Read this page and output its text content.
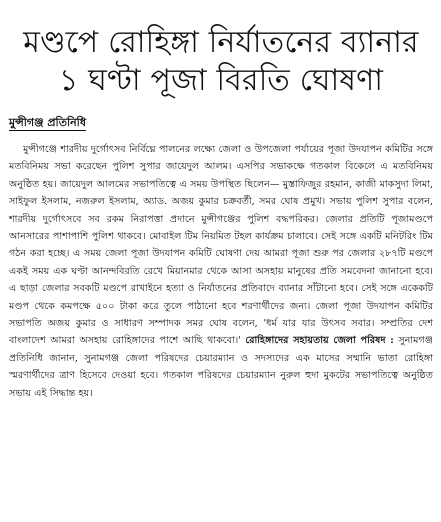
মণ্ডপে রোহিঙ্গা নির্যাতনের ব্যানার
১ ঘণ্টা পূজা বিরতি ঘোষণা
মুন্সীগঞ্জ প্রতিনিধি

মুন্সীগঞ্জে শারদীয় দুর্গোৎসব নির্বিঘ্নে পালনের লক্ষ্যে জেলা ও উপজেলা পর্যায়ের পূজা উদযাপন কমিটির সঙ্গে মতবিনিময় সভা করেছেন পুলিশ সুপার জায়েদুল আলম। এসপির সভাকক্ষে গতকাল বিকেলে এ মতবিনিময় অনুষ্ঠিত হয়। জায়েদুল আলমের সভাপতিত্বে এ সময় উপস্থিত ছিলেন— মুস্তাফিজুর রহমান, কাজী মাকসুদা লিমা, সাইফুল ইসলাম, নজরুল ইসলাম, অ্যাড. অজয় কুমার চক্রবর্তী, সমর ঘোষ প্রমুখ। সভায় পুলিশ সুপার বলেন, শারদীয় দুর্গোৎসবে সব রকম নিরাপত্তা প্রদানে মুন্সীগঞ্জের পুলিশ বদ্ধপরিকর। জেলার প্রতিটি পূজামণ্ডপে আনসারের পাশাপাশি পুলিশ থাকবে। মোবাইল টিম নিয়মিত টহল কার্যক্রম চালাবে। সেই সঙ্গে একটি মনিটরিং টিম গঠন করা হচ্ছে। এ সময় জেলা পূজা উদযাপন কমিটি ঘোষণা দেয় আমরা পূজা শুরু পর জেলার ২৮৭টি মণ্ডপে একই সময় এক ঘণ্টা আনন্দবিরতি রেখে মিয়ানমার থেকে আসা অসহায় মানুষের প্রতি সমবেদনা জানানো হবে। এ ছাড়া জেলার সবকটি মণ্ডপে রাখাইনে হত্যা ও নির্যাতনের প্রতিবাদে ব্যানার সাঁটানো হবে। সেই সঙ্গে একেকটি মণ্ডপ থেকে কমপক্ষে ৫০০ টাকা করে তুলে পাঠানো হবে শরণার্থীদের জন্য। জেলা পূজা উদযাপন কমিটির সভাপতি অজয় কুমার ও সাধারণ সম্পাদক সমর ঘোষ বলেন, 'ধর্ম যার যার উৎসব সবার। সম্প্রতির দেশ বাংলাদেশ আমরা অসহায় রোহিঙ্গাদের পাশে আছি থাকবো।' রোহিঙ্গাদের সহায়তায় জেলা পরিষদ : সুনামগঞ্জ প্রতিনিধি জানান, সুনামগঞ্জ জেলা পরিষদের চেয়ারম্যান ও সদস্যদের এক মাসের সম্মানি ভাতা রোহিঙ্গা স্মরণার্থীদের ত্রাণ হিসেবে দেওয়া হবে। গতকাল পরিষদের চেয়ারম্যান নুরুল হুদা মুকটের সভাপতিত্বে অনুষ্ঠিত সভায় এই সিদ্ধান্ত হয়।
